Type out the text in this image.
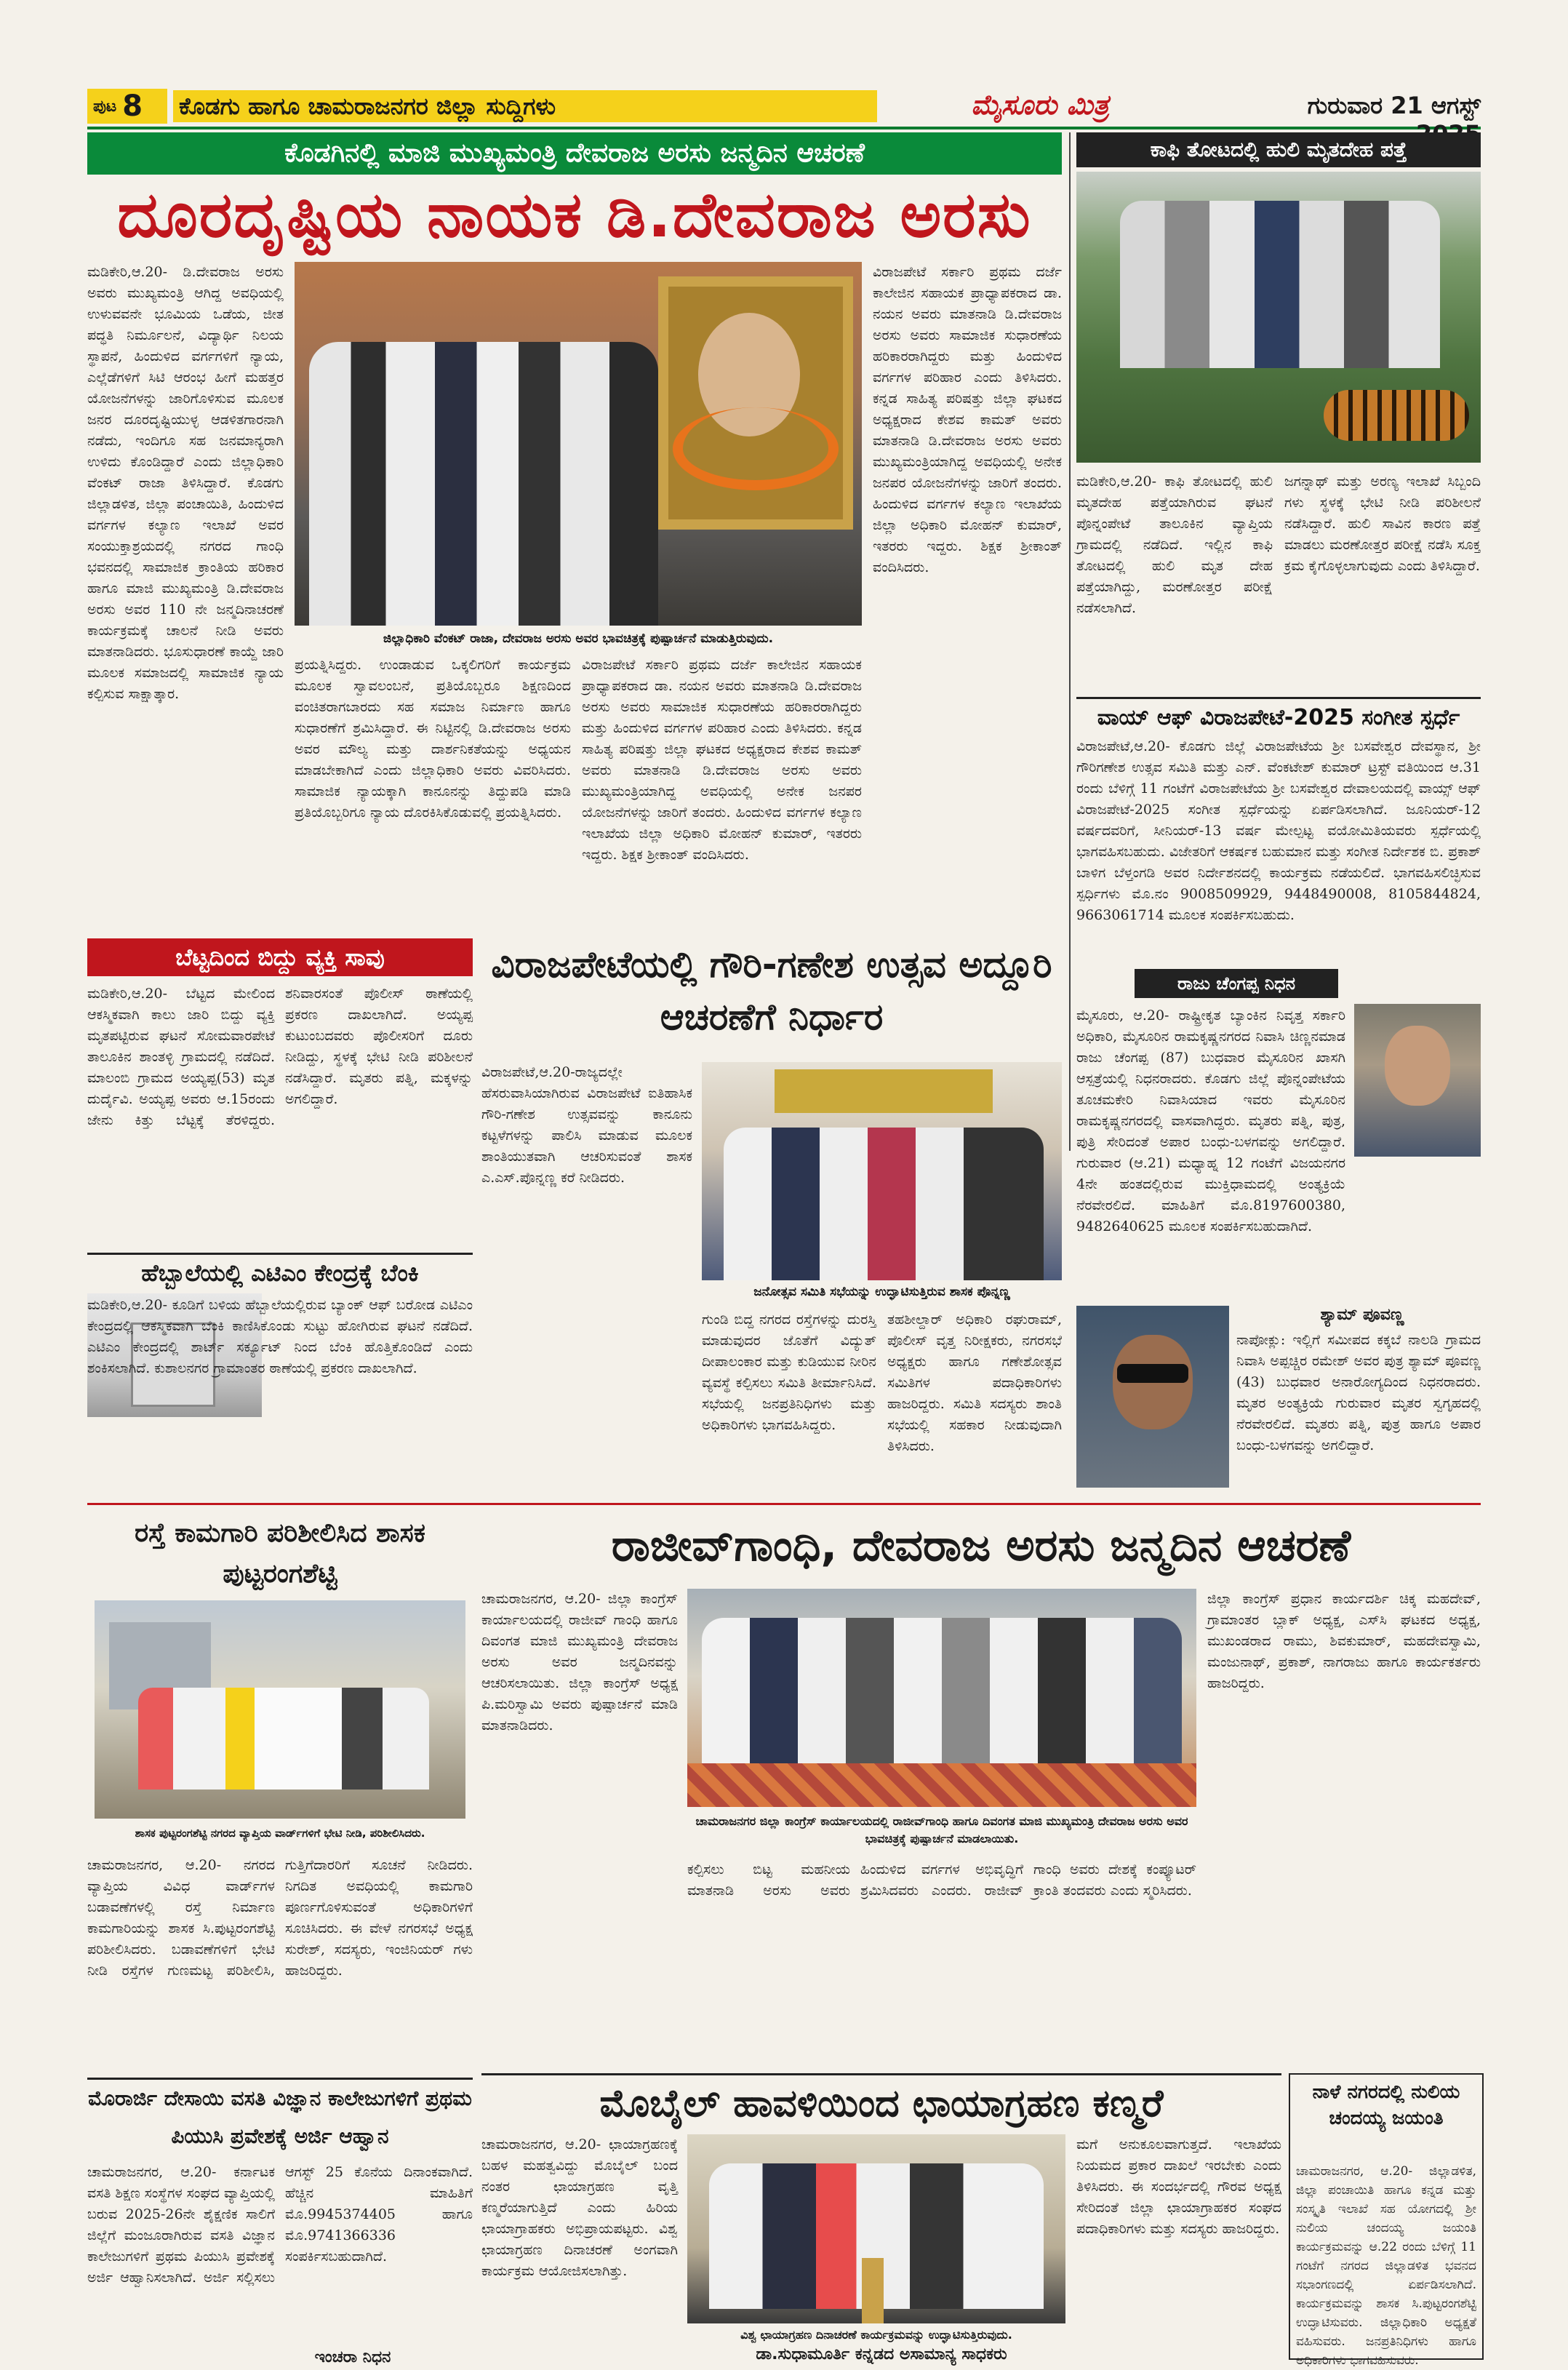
ಪುಟ 8 ಕೊಡಗು ಹಾಗೂ ಚಾಮರಾಜನಗರ ಜಿಲ್ಲಾ ಸುದ್ದಿಗಳು	ಮೈಸೂರು ಮಿತ್ರ	ಗುರುವಾರ 21 ಆಗಸ್ಟ್
ಕೊಡಗಿನಲ್ಲಿ ಮಾಜಿ ಮುಖ್ಯಮಂತ್ರಿ ದೇವರಾಜ ಅರಸು ಜನ್ಮದಿನ ಆಚರಣೆ
ದೂರದೃಷ್ಟಿಯ ನಾಯಕ ಡಿ.ದೇವರಾಜ ಅರಸು
ಮಡಿಕೇರಿ,ಆ.20- ಡಿ.ದೇವರಾಜ ಅರಸು ಅವರು ಮುಖ್ಯಮಂತ್ರಿ ಆಗಿದ್ದ ಅವಧಿಯಲ್ಲಿ ಉಳುವವನೇ ಭೂಮಿಯ ಒಡೆಯ, ಜೀತ ಪದ್ಧತಿ ನಿರ್ಮೂಲನೆ, ವಿದ್ಯಾರ್ಥಿ ನಿಲಯ ಸ್ಥಾಪನೆ, ಹಿಂದುಳಿದ ವರ್ಗಗಳಿಗೆ ನ್ಯಾಯ, ಎಲ್ಲೆಡೆಗಳಿಗೆ ಸಿಟಿ ಆರಂಭ ಹೀಗೆ ಮಹತ್ತರ ಯೋಜನೆಗಳನ್ನು ಜಾರಿಗೊಳಿಸುವ ಮೂಲಕ ಜನರ ದೂರದೃಷ್ಟಿಯುಳ್ಳ ಆಡಳಿತಗಾರನಾಗಿ ನಡೆದು, ಇಂದಿಗೂ ಸಹ ಜನಮಾನ್ಯರಾಗಿ ಉಳಿದು ಕೊಂಡಿದ್ದಾರೆ ಎಂದು ಜಿಲ್ಲಾಧಿಕಾರಿ ವೆಂಕಟ್ ರಾಜಾ ತಿಳಿಸಿದ್ದಾರೆ. ಕೊಡಗು ಜಿಲ್ಲಾಡಳಿತ, ಜಿಲ್ಲಾ ಪಂಚಾಯಿತಿ, ಹಿಂದುಳಿದ ವರ್ಗಗಳ ಕಲ್ಯಾಣ ಇಲಾಖೆ ಅವರ ಸಂಯುಕ್ತಾಶ್ರಯದಲ್ಲಿ ನಗರದ ಗಾಂಧಿ ಭವನದಲ್ಲಿ ಸಾಮಾಜಿಕ ಕ್ರಾಂತಿಯ ಹರಿಕಾರ ಹಾಗೂ ಮಾಜಿ ಮುಖ್ಯಮಂತ್ರಿ ಡಿ.ದೇವರಾಜ ಅರಸು ಅವರ 110 ನೇ ಜನ್ಮದಿನಾಚರಣೆ ಕಾರ್ಯಕ್ರಮಕ್ಕೆ ಚಾಲನೆ ನೀಡಿ ಅವರು ಮಾತನಾಡಿದರು. ಭೂಸುಧಾರಣೆ ಕಾಯ್ದೆ ಜಾರಿ ಮೂಲಕ ಸಮಾಜದಲ್ಲಿ ಸಾಮಾಜಿಕ ನ್ಯಾಯ ಕಲ್ಪಿಸುವ ಸಾಕ್ಷಾತ್ಕಾರ.
ಜಿಲ್ಲಾಧಿಕಾರಿ ವೆಂಕಟ್ ರಾಜಾ, ದೇವರಾಜ ಅರಸು ಅವರ ಭಾವಚಿತ್ರಕ್ಕೆ ಪುಷ್ಪಾರ್ಚನೆ ಮಾಡುತ್ತಿರುವುದು.
ಪ್ರಯತ್ನಿಸಿದ್ದರು. ಉಂಡಾಡುವ ಒಕ್ಕಲಿಗರಿಗೆ ಕಾರ್ಯಕ್ರಮ ಮೂಲಕ ಸ್ವಾವಲಂಬನೆ, ಪ್ರತಿಯೊಬ್ಬರೂ ಶಿಕ್ಷಣದಿಂದ ವಂಚಿತರಾಗಬಾರದು ಸಹ ಸಮಾಜ ನಿರ್ಮಾಣ ಹಾಗೂ ಸುಧಾರಣೆಗೆ ಶ್ರಮಿಸಿದ್ದಾರೆ. ಈ ನಿಟ್ಟಿನಲ್ಲಿ ಡಿ.ದೇವರಾಜ ಅರಸು ಅವರ ಮೌಲ್ಯ ಮತ್ತು ದಾರ್ಶನಿಕತೆಯನ್ನು ಅಧ್ಯಯನ ಮಾಡಬೇಕಾಗಿದೆ ಎಂದು ಜಿಲ್ಲಾಧಿಕಾರಿ ಅವರು ವಿವರಿಸಿದರು. ಸಾಮಾಜಿಕ ನ್ಯಾಯಕ್ಕಾಗಿ ಕಾನೂನನ್ನು ತಿದ್ದುಪಡಿ ಮಾಡಿ ಪ್ರತಿಯೊಬ್ಬರಿಗೂ ನ್ಯಾಯ ದೊರಕಿಸಿಕೊಡುವಲ್ಲಿ ಪ್ರಯತ್ನಿಸಿದರು.
ವಿರಾಜಪೇಟೆ ಸರ್ಕಾರಿ ಪ್ರಥಮ ದರ್ಜೆ ಕಾಲೇಜಿನ ಸಹಾಯಕ ಪ್ರಾಧ್ಯಾಪಕರಾದ ಡಾ. ನಯನ ಅವರು ಮಾತನಾಡಿ ಡಿ.ದೇವರಾಜ ಅರಸು ಅವರು ಸಾಮಾಜಿಕ ಸುಧಾರಣೆಯ ಹರಿಕಾರರಾಗಿದ್ದರು ಮತ್ತು ಹಿಂದುಳಿದ ವರ್ಗಗಳ ಪರಿಹಾರ ಎಂದು ತಿಳಿಸಿದರು. ಕನ್ನಡ ಸಾಹಿತ್ಯ ಪರಿಷತ್ತು ಜಿಲ್ಲಾ ಘಟಕದ ಅಧ್ಯಕ್ಷರಾದ ಕೇಶವ ಕಾಮತ್ ಅವರು ಮಾತನಾಡಿ ಡಿ.ದೇವರಾಜ ಅರಸು ಅವರು ಮುಖ್ಯಮಂತ್ರಿಯಾಗಿದ್ದ ಅವಧಿಯಲ್ಲಿ ಅನೇಕ ಜನಪರ ಯೋಜನೆಗಳನ್ನು ಜಾರಿಗೆ ತಂದರು. ಹಿಂದುಳಿದ ವರ್ಗಗಳ ಕಲ್ಯಾಣ ಇಲಾಖೆಯ ಜಿಲ್ಲಾ ಅಧಿಕಾರಿ ಮೋಹನ್ ಕುಮಾರ್, ಇತರರು ಇದ್ದರು. ಶಿಕ್ಷಕ ಶ್ರೀಕಾಂತ್ ವಂದಿಸಿದರು.
ವಿರಾಜಪೇಟೆ ಸರ್ಕಾರಿ ಪ್ರಥಮ ದರ್ಜೆ ಕಾಲೇಜಿನ ಸಹಾಯಕ ಪ್ರಾಧ್ಯಾಪಕರಾದ ಡಾ. ನಯನ ಅವರು ಮಾತನಾಡಿ ಡಿ.ದೇವರಾಜ ಅರಸು ಅವರು ಸಾಮಾಜಿಕ ಸುಧಾರಣೆಯ ಹರಿಕಾರರಾಗಿದ್ದರು ಮತ್ತು ಹಿಂದುಳಿದ ವರ್ಗಗಳ ಪರಿಹಾರ ಎಂದು ತಿಳಿಸಿದರು. ಕನ್ನಡ ಸಾಹಿತ್ಯ ಪರಿಷತ್ತು ಜಿಲ್ಲಾ ಘಟಕದ ಅಧ್ಯಕ್ಷರಾದ ಕೇಶವ ಕಾಮತ್ ಅವರು ಮಾತನಾಡಿ ಡಿ.ದೇವರಾಜ ಅರಸು ಅವರು ಮುಖ್ಯಮಂತ್ರಿಯಾಗಿದ್ದ ಅವಧಿಯಲ್ಲಿ ಅನೇಕ ಜನಪರ ಯೋಜನೆಗಳನ್ನು ಜಾರಿಗೆ ತಂದರು. ಹಿಂದುಳಿದ ವರ್ಗಗಳ ಕಲ್ಯಾಣ ಇಲಾಖೆಯ ಜಿಲ್ಲಾ ಅಧಿಕಾರಿ ಮೋಹನ್ ಕುಮಾರ್, ಇತರರು ಇದ್ದರು. ಶಿಕ್ಷಕ ಶ್ರೀಕಾಂತ್ ವಂದಿಸಿದರು.
ಕಾಫಿ ತೋಟದಲ್ಲಿ ಹುಲಿ ಮೃತದೇಹ ಪತ್ತೆ
ಮಡಿಕೇರಿ,ಆ.20- ಕಾಫಿ ತೋಟದಲ್ಲಿ ಹುಲಿ ಮೃತದೇಹ ಪತ್ತೆಯಾಗಿರುವ ಘಟನೆ ಪೊನ್ನಂಪೇಟೆ ತಾಲೂಕಿನ ವ್ಯಾಪ್ತಿಯ ಗ್ರಾಮದಲ್ಲಿ ನಡೆದಿದೆ. ಇಲ್ಲಿನ ಕಾಫಿ ತೋಟದಲ್ಲಿ ಹುಲಿ ಮೃತ ದೇಹ ಪತ್ತೆಯಾಗಿದ್ದು, ಮರಣೋತ್ತರ ಪರೀಕ್ಷೆ ನಡೆಸಲಾಗಿದೆ.
ಜಗನ್ನಾಥ್ ಮತ್ತು ಅರಣ್ಯ ಇಲಾಖೆ ಸಿಬ್ಬಂದಿ ಗಳು ಸ್ಥಳಕ್ಕೆ ಭೇಟಿ ನೀಡಿ ಪರಿಶೀಲನೆ ನಡೆಸಿದ್ದಾರೆ. ಹುಲಿ ಸಾವಿನ ಕಾರಣ ಪತ್ತೆ ಮಾಡಲು ಮರಣೋತ್ತರ ಪರೀಕ್ಷೆ ನಡೆಸಿ ಸೂಕ್ತ ಕ್ರಮ ಕೈಗೊಳ್ಳಲಾಗುವುದು ಎಂದು ತಿಳಿಸಿದ್ದಾರೆ.
ವಾಯ್ ಆಫ್ ವಿರಾಜಪೇಟೆ-2025 ಸಂಗೀತ ಸ್ಪರ್ಧೆ
ವಿರಾಜಪೇಟೆ,ಆ.20- ಕೊಡಗು ಜಿಲ್ಲೆ ವಿರಾಜಪೇಟೆಯ ಶ್ರೀ ಬಸವೇಶ್ವರ ದೇವಸ್ಥಾನ, ಶ್ರೀ ಗೌರಿಗಣೇಶ ಉತ್ಸವ ಸಮಿತಿ ಮತ್ತು ಎನ್. ವೆಂಕಟೇಶ್ ಕುಮಾರ್ ಟ್ರಸ್ಟ್ ವತಿಯಿಂದ ಆ.31 ರಂದು ಬೆಳಿಗ್ಗೆ 11 ಗಂಟೆಗೆ ವಿರಾಜಪೇಟೆಯ ಶ್ರೀ ಬಸವೇಶ್ವರ ದೇವಾಲಯದಲ್ಲಿ ವಾಯ್ಸ್ ಆಫ್ ವಿರಾಜಪೇಟೆ-2025 ಸಂಗೀತ ಸ್ಪರ್ಧೆಯನ್ನು ಏರ್ಪಡಿಸಲಾಗಿದೆ. ಜೂನಿಯರ್-12 ವರ್ಷದವರಿಗೆ, ಸೀನಿಯರ್-13 ವರ್ಷ ಮೇಲ್ಪಟ್ಟ ವಯೋಮಿತಿಯವರು ಸ್ಪರ್ಧೆಯಲ್ಲಿ ಭಾಗವಹಿಸಬಹುದು. ವಿಜೇತರಿಗೆ ಆಕರ್ಷಕ ಬಹುಮಾನ ಮತ್ತು ಸಂಗೀತ ನಿರ್ದೇಶಕ ಬಿ. ಪ್ರಕಾಶ್ ಬಾಳಿಗ ಬೆಳ್ತಂಗಡಿ ಅವರ ನಿರ್ದೇಶನದಲ್ಲಿ ಕಾರ್ಯಕ್ರಮ ನಡೆಯಲಿದೆ. ಭಾಗವಹಿಸಲಿಚ್ಛಿಸುವ ಸ್ಪರ್ಧಿಗಳು ಮೊ.ನಂ 9008509929, 9448490008, 8105844824, 9663061714 ಮೂಲಕ ಸಂಪರ್ಕಿಸಬಹುದು.
ರಾಜು ಚೆಂಗಪ್ಪ ನಿಧನ
ಮೈಸೂರು, ಆ.20- ರಾಷ್ಟ್ರೀಕೃತ ಬ್ಯಾಂಕಿನ ನಿವೃತ್ತ ಸರ್ಕಾರಿ ಅಧಿಕಾರಿ, ಮೈಸೂರಿನ ರಾಮಕೃಷ್ಣನಗರದ ನಿವಾಸಿ ಚಿಣ್ಣನಮಾಡ ರಾಜು ಚೆಂಗಪ್ಪ (87) ಬುಧವಾರ ಮೈಸೂರಿನ ಖಾಸಗಿ ಆಸ್ಪತ್ರೆಯಲ್ಲಿ ನಿಧನರಾದರು. ಕೊಡಗು ಜಿಲ್ಲೆ ಪೊನ್ನಂಪೇಟೆಯ ತೂಚಮಕೇರಿ ನಿವಾಸಿಯಾದ ಇವರು ಮೈಸೂರಿನ ರಾಮಕೃಷ್ಣನಗರದಲ್ಲಿ ವಾಸವಾಗಿದ್ದರು. ಮೃತರು ಪತ್ನಿ, ಪುತ್ರ, ಪುತ್ರಿ ಸೇರಿದಂತೆ ಅಪಾರ ಬಂಧು-ಬಳಗವನ್ನು ಅಗಲಿದ್ದಾರೆ. ಗುರುವಾರ (ಆ.21) ಮಧ್ಯಾಹ್ನ 12 ಗಂಟೆಗೆ ವಿಜಯನಗರ 4ನೇ ಹಂತದಲ್ಲಿರುವ ಮುಕ್ತಿಧಾಮದಲ್ಲಿ ಅಂತ್ಯಕ್ರಿಯೆ ನೆರವೇರಲಿದೆ. ಮಾಹಿತಿಗೆ ಮೊ.8197600380, 9482640625 ಮೂಲಕ ಸಂಪರ್ಕಿಸಬಹುದಾಗಿದೆ.
ಶ್ಯಾಮ್ ಪೂವಣ್ಣ
ನಾಪೋಕ್ಲು: ಇಲ್ಲಿಗೆ ಸಮೀಪದ ಕಕ್ಕಬೆ ನಾಲಡಿ ಗ್ರಾಮದ ನಿವಾಸಿ ಅಪ್ಪಚ್ಚಿರ ರಮೇಶ್ ಅವರ ಪುತ್ರ ಶ್ಯಾಮ್ ಪೂವಣ್ಣ (43) ಬುಧವಾರ ಅನಾರೋಗ್ಯದಿಂದ ನಿಧನರಾದರು. ಮೃತರ ಅಂತ್ಯಕ್ರಿಯೆ ಗುರುವಾರ ಮೃತರ ಸ್ವಗೃಹದಲ್ಲಿ ನೆರವೇರಲಿದೆ. ಮೃತರು ಪತ್ನಿ, ಪುತ್ರ ಹಾಗೂ ಅಪಾರ ಬಂಧು-ಬಳಗವನ್ನು ಅಗಲಿದ್ದಾರೆ.
ಬೆಟ್ಟದಿಂದ ಬಿದ್ದು ವ್ಯಕ್ತಿ ಸಾವು
ಮಡಿಕೇರಿ,ಆ.20- ಬೆಟ್ಟದ ಮೇಲಿಂದ ಆಕಸ್ಮಿಕವಾಗಿ ಕಾಲು ಜಾರಿ ಬಿದ್ದು ವ್ಯಕ್ತಿ ಮೃತಪಟ್ಟಿರುವ ಘಟನೆ ಸೋಮವಾರಪೇಟೆ ತಾಲೂಕಿನ ಶಾಂತಳ್ಳಿ ಗ್ರಾಮದಲ್ಲಿ ನಡೆದಿದೆ. ಮಾಲಂಬಿ ಗ್ರಾಮದ ಅಯ್ಯಪ್ಪ(53) ಮೃತ ದುರ್ದೈವಿ. ಅಯ್ಯಪ್ಪ ಅವರು ಆ.15ರಂದು ಜೇನು ಕಿತ್ತು ಬೆಟ್ಟಕ್ಕೆ ತೆರಳಿದ್ದರು. ಶನಿವಾರಸಂತೆ ಪೊಲೀಸ್ ಠಾಣೆಯಲ್ಲಿ ಪ್ರಕರಣ ದಾಖಲಾಗಿದೆ. ಅಯ್ಯಪ್ಪ ಕುಟುಂಬದವರು ಪೊಲೀಸರಿಗೆ ದೂರು ನೀಡಿದ್ದು, ಸ್ಥಳಕ್ಕೆ ಭೇಟಿ ನೀಡಿ ಪರಿಶೀಲನೆ ನಡೆಸಿದ್ದಾರೆ. ಮೃತರು ಪತ್ನಿ, ಮಕ್ಕಳನ್ನು ಅಗಲಿದ್ದಾರೆ.
ಹೆಬ್ಬಾಲೆಯಲ್ಲಿ ಎಟಿಎಂ ಕೇಂದ್ರಕ್ಕೆ ಬೆಂಕಿ
ಮಡಿಕೇರಿ,ಆ.20- ಕೂಡಿಗೆ ಬಳಿಯ ಹೆಬ್ಬಾಲೆಯಲ್ಲಿರುವ ಬ್ಯಾಂಕ್ ಆಫ್ ಬರೋಡ ಎಟಿಎಂ ಕೇಂದ್ರದಲ್ಲಿ ಆಕಸ್ಮಿಕವಾಗಿ ಬೆಂಕಿ ಕಾಣಿಸಿಕೊಂಡು ಸುಟ್ಟು ಹೋಗಿರುವ ಘಟನೆ ನಡೆದಿದೆ. ಎಟಿಎಂ ಕೇಂದ್ರದಲ್ಲಿ ಶಾರ್ಟ್ ಸರ್ಕ್ಯೂಟ್ ನಿಂದ ಬೆಂಕಿ ಹೊತ್ತಿಕೊಂಡಿದೆ ಎಂದು ಶಂಕಿಸಲಾಗಿದೆ. ಕುಶಾಲನಗರ ಗ್ರಾಮಾಂತರ ಠಾಣೆಯಲ್ಲಿ ಪ್ರಕರಣ ದಾಖಲಾಗಿದೆ.
ವಿರಾಜಪೇಟೆಯಲ್ಲಿ ಗೌರಿ-ಗಣೇಶ ಉತ್ಸವ ಅದ್ದೂರಿ ಆಚರಣೆಗೆ ನಿರ್ಧಾರ
ಜನೋತ್ಸವ ಸಮಿತಿ ಸಭೆಯನ್ನು ಉದ್ಘಾಟಿಸುತ್ತಿರುವ ಶಾಸಕ ಪೊನ್ನಣ್ಣ
ವಿರಾಜಪೇಟೆ,ಆ.20-ರಾಜ್ಯದಲ್ಲೇ ಹೆಸರುವಾಸಿಯಾಗಿರುವ ವಿರಾಜಪೇಟೆ ಐತಿಹಾಸಿಕ ಗೌರಿ-ಗಣೇಶ ಉತ್ಸವವನ್ನು ಕಾನೂನು ಕಟ್ಟಳೆಗಳನ್ನು ಪಾಲಿಸಿ ಮಾಡುವ ಮೂಲಕ ಶಾಂತಿಯುತವಾಗಿ ಆಚರಿಸುವಂತೆ ಶಾಸಕ ಎ.ಎಸ್.ಪೊನ್ನಣ್ಣ ಕರೆ ನೀಡಿದರು.
ಗುಂಡಿ ಬಿದ್ದ ನಗರದ ರಸ್ತೆಗಳನ್ನು ದುರಸ್ತಿ ಮಾಡುವುದರ ಜೊತೆಗೆ ವಿದ್ಯುತ್ ದೀಪಾಲಂಕಾರ ಮತ್ತು ಕುಡಿಯುವ ನೀರಿನ ವ್ಯವಸ್ಥೆ ಕಲ್ಪಿಸಲು ಸಮಿತಿ ತೀರ್ಮಾನಿಸಿದೆ. ಸಭೆಯಲ್ಲಿ ಜನಪ್ರತಿನಿಧಿಗಳು ಮತ್ತು ಅಧಿಕಾರಿಗಳು ಭಾಗವಹಿಸಿದ್ದರು.
ತಹಶೀಲ್ದಾರ್ ಅಧಿಕಾರಿ ರಘುರಾಮ್, ಪೊಲೀಸ್ ವೃತ್ತ ನಿರೀಕ್ಷಕರು, ನಗರಸಭೆ ಅಧ್ಯಕ್ಷರು ಹಾಗೂ ಗಣೇಶೋತ್ಸವ ಸಮಿತಿಗಳ ಪದಾಧಿಕಾರಿಗಳು ಹಾಜರಿದ್ದರು. ಸಮಿತಿ ಸದಸ್ಯರು ಶಾಂತಿ ಸಭೆಯಲ್ಲಿ ಸಹಕಾರ ನೀಡುವುದಾಗಿ ತಿಳಿಸಿದರು.
ರಸ್ತೆ ಕಾಮಗಾರಿ ಪರಿಶೀಲಿಸಿದ ಶಾಸಕ ಪುಟ್ಟರಂಗಶೆಟ್ಟಿ
ಶಾಸಕ ಪುಟ್ಟರಂಗಶೆಟ್ಟಿ ನಗರದ ವ್ಯಾಪ್ತಿಯ ವಾರ್ಡ್‌ಗಳಿಗೆ ಭೇಟಿ ನೀಡಿ, ಪರಿಶೀಲಿಸಿದರು.
ಚಾಮರಾಜನಗರ, ಆ.20- ನಗರದ ವ್ಯಾಪ್ತಿಯ ವಿವಿಧ ವಾರ್ಡ್‌ಗಳ ಬಡಾವಣೆಗಳಲ್ಲಿ ರಸ್ತೆ ನಿರ್ಮಾಣ ಕಾಮಗಾರಿಯನ್ನು ಶಾಸಕ ಸಿ.ಪುಟ್ಟರಂಗಶೆಟ್ಟಿ ಪರಿಶೀಲಿಸಿದರು. ಬಡಾವಣೆಗಳಿಗೆ ಭೇಟಿ ನೀಡಿ ರಸ್ತೆಗಳ ಗುಣಮಟ್ಟ ಪರಿಶೀಲಿಸಿ, ಗುತ್ತಿಗೆದಾರರಿಗೆ ಸೂಚನೆ ನೀಡಿದರು. ನಿಗದಿತ ಅವಧಿಯಲ್ಲಿ ಕಾಮಗಾರಿ ಪೂರ್ಣಗೊಳಿಸುವಂತೆ ಅಧಿಕಾರಿಗಳಿಗೆ ಸೂಚಿಸಿದರು. ಈ ವೇಳೆ ನಗರಸಭೆ ಅಧ್ಯಕ್ಷ ಸುರೇಶ್, ಸದಸ್ಯರು, ಇಂಜಿನಿಯರ್ ಗಳು ಹಾಜರಿದ್ದರು.
ರಾಜೀವ್‌ಗಾಂಧಿ, ದೇವರಾಜ ಅರಸು ಜನ್ಮದಿನ ಆಚರಣೆ
ಚಾಮರಾಜನಗರ, ಆ.20- ಜಿಲ್ಲಾ ಕಾಂಗ್ರೆಸ್ ಕಾರ್ಯಾಲಯದಲ್ಲಿ ರಾಜೀವ್ ಗಾಂಧಿ ಹಾಗೂ ದಿವಂಗತ ಮಾಜಿ ಮುಖ್ಯಮಂತ್ರಿ ದೇವರಾಜ ಅರಸು ಅವರ ಜನ್ಮದಿನವನ್ನು ಆಚರಿಸಲಾಯಿತು. ಜಿಲ್ಲಾ ಕಾಂಗ್ರೆಸ್ ಅಧ್ಯಕ್ಷ ಪಿ.ಮರಿಸ್ವಾಮಿ ಅವರು ಪುಷ್ಪಾರ್ಚನೆ ಮಾಡಿ ಮಾತನಾಡಿದರು.
ಚಾಮರಾಜನಗರ ಜಿಲ್ಲಾ ಕಾಂಗ್ರೆಸ್ ಕಾರ್ಯಾಲಯದಲ್ಲಿ ರಾಜೀವ್‌ಗಾಂಧಿ ಹಾಗೂ ದಿವಂಗತ ಮಾಜಿ ಮುಖ್ಯಮಂತ್ರಿ ದೇವರಾಜ ಅರಸು ಅವರ ಭಾವಚಿತ್ರಕ್ಕೆ ಪುಷ್ಪಾರ್ಚನೆ ಮಾಡಲಾಯಿತು.
ಕಲ್ಪಿಸಲು ಬಿಟ್ಟ ಮಹನೀಯ ಮಾತನಾಡಿ ಅರಸು ಅವರು ಹಿಂದುಳಿದ ವರ್ಗಗಳ ಅಭಿವೃದ್ಧಿಗೆ ಶ್ರಮಿಸಿದವರು ಎಂದರು. ರಾಜೀವ್ ಗಾಂಧಿ ಅವರು ದೇಶಕ್ಕೆ ಕಂಪ್ಯೂಟರ್ ಕ್ರಾಂತಿ ತಂದವರು ಎಂದು ಸ್ಮರಿಸಿದರು.
ಜಿಲ್ಲಾ ಕಾಂಗ್ರೆಸ್ ಪ್ರಧಾನ ಕಾರ್ಯದರ್ಶಿ ಚಿಕ್ಕ ಮಹದೇವ್, ಗ್ರಾಮಾಂತರ ಬ್ಲಾಕ್ ಅಧ್ಯಕ್ಷ, ಎಸ್‌ಸಿ ಘಟಕದ ಅಧ್ಯಕ್ಷ, ಮುಖಂಡರಾದ ರಾಮು, ಶಿವಕುಮಾರ್, ಮಹದೇವಸ್ವಾಮಿ, ಮಂಜುನಾಥ್, ಪ್ರಕಾಶ್, ನಾಗರಾಜು ಹಾಗೂ ಕಾರ್ಯಕರ್ತರು ಹಾಜರಿದ್ದರು.
ಮೊಬೈಲ್ ಹಾವಳಿಯಿಂದ ಛಾಯಾಗ್ರಹಣ ಕಣ್ಮರೆ
ಚಾಮರಾಜನಗರ, ಆ.20- ಛಾಯಾಗ್ರಹಣಕ್ಕೆ ಬಹಳ ಮಹತ್ವವಿದ್ದು ಮೊಬೈಲ್ ಬಂದ ನಂತರ ಛಾಯಾಗ್ರಹಣ ವೃತ್ತಿ ಕಣ್ಮರೆಯಾಗುತ್ತಿದೆ ಎಂದು ಹಿರಿಯ ಛಾಯಾಗ್ರಾಹಕರು ಅಭಿಪ್ರಾಯಪಟ್ಟರು. ವಿಶ್ವ ಛಾಯಾಗ್ರಹಣ ದಿನಾಚರಣೆ ಅಂಗವಾಗಿ ಕಾರ್ಯಕ್ರಮ ಆಯೋಜಿಸಲಾಗಿತ್ತು.
ವಿಶ್ವ ಛಾಯಾಗ್ರಹಣ ದಿನಾಚರಣೆ ಕಾರ್ಯಕ್ರಮವನ್ನು ಉದ್ಘಾಟಿಸುತ್ತಿರುವುದು.
ಮಗೆ ಅನುಕೂಲವಾಗುತ್ತದೆ. ಇಲಾಖೆಯ ನಿಯಮದ ಪ್ರಕಾರ ದಾಖಲೆ ಇರಬೇಕು ಎಂದು ತಿಳಿಸಿದರು. ಈ ಸಂದರ್ಭದಲ್ಲಿ ಗೌರವ ಅಧ್ಯಕ್ಷ ಸೇರಿದಂತೆ ಜಿಲ್ಲಾ ಛಾಯಾಗ್ರಾಹಕರ ಸಂಘದ ಪದಾಧಿಕಾರಿಗಳು ಮತ್ತು ಸದಸ್ಯರು ಹಾಜರಿದ್ದರು.
ನಾಳೆ ನಗರದಲ್ಲಿ ನುಲಿಯ ಚಂದಯ್ಯ ಜಯಂತಿ
ಚಾಮರಾಜನಗರ, ಆ.20- ಜಿಲ್ಲಾಡಳಿತ, ಜಿಲ್ಲಾ ಪಂಚಾಯಿತಿ ಹಾಗೂ ಕನ್ನಡ ಮತ್ತು ಸಂಸ್ಕೃತಿ ಇಲಾಖೆ ಸಹ ಯೋಗದಲ್ಲಿ ಶ್ರೀ ನುಲಿಯ ಚಂದಯ್ಯ ಜಯಂತಿ ಕಾರ್ಯಕ್ರಮವನ್ನು ಆ.22 ರಂದು ಬೆಳಿಗ್ಗೆ 11 ಗಂಟೆಗೆ ನಗರದ ಜಿಲ್ಲಾಡಳಿತ ಭವನದ ಸಭಾಂಗಣದಲ್ಲಿ ಏರ್ಪಡಿಸಲಾಗಿದೆ. ಕಾರ್ಯಕ್ರಮವನ್ನು ಶಾಸಕ ಸಿ.ಪುಟ್ಟರಂಗಶೆಟ್ಟಿ ಉದ್ಘಾಟಿಸುವರು. ಜಿಲ್ಲಾಧಿಕಾರಿ ಅಧ್ಯಕ್ಷತೆ ವಹಿಸುವರು. ಜನಪ್ರತಿನಿಧಿಗಳು ಹಾಗೂ ಅಧಿಕಾರಿಗಳು ಭಾಗವಹಿಸುವರು.
ಮೊರಾರ್ಜಿ ದೇಸಾಯಿ ವಸತಿ ವಿಜ್ಞಾನ ಕಾಲೇಜುಗಳಿಗೆ ಪ್ರಥಮ ಪಿಯುಸಿ ಪ್ರವೇಶಕ್ಕೆ ಅರ್ಜಿ ಆಹ್ವಾನ
ಚಾಮರಾಜನಗರ, ಆ.20- ಕರ್ನಾಟಕ ವಸತಿ ಶಿಕ್ಷಣ ಸಂಸ್ಥೆಗಳ ಸಂಘದ ವ್ಯಾಪ್ತಿಯಲ್ಲಿ ಬರುವ 2025-26ನೇ ಶೈಕ್ಷಣಿಕ ಸಾಲಿಗೆ ಜಿಲ್ಲೆಗೆ ಮಂಜೂರಾಗಿರುವ ವಸತಿ ವಿಜ್ಞಾನ ಕಾಲೇಜುಗಳಿಗೆ ಪ್ರಥಮ ಪಿಯುಸಿ ಪ್ರವೇಶಕ್ಕೆ ಅರ್ಜಿ ಆಹ್ವಾನಿಸಲಾಗಿದೆ. ಅರ್ಜಿ ಸಲ್ಲಿಸಲು ಆಗಸ್ಟ್ 25 ಕೊನೆಯ ದಿನಾಂಕವಾಗಿದೆ. ಹೆಚ್ಚಿನ ಮಾಹಿತಿಗೆ ಮೊ.9945374405 ಹಾಗೂ ಮೊ.9741366336 ಸಂಪರ್ಕಿಸಬಹುದಾಗಿದೆ.
ಇಂಚರಾ ನಿಧನ	ಡಾ.ಸುಧಾಮೂರ್ತಿ ಕನ್ನಡದ ಅಸಾಮಾನ್ಯ ಸಾಧಕರು
